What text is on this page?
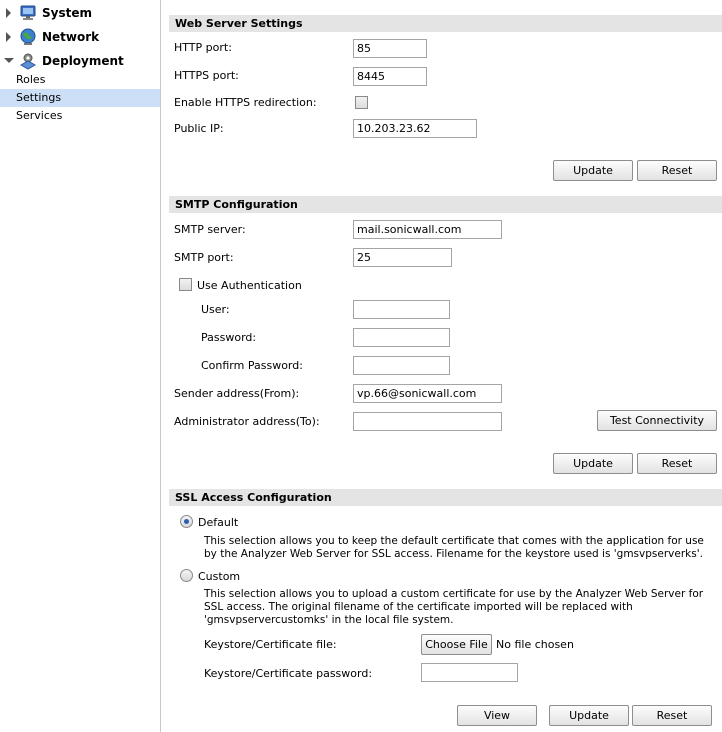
System
Network
Deployment
Roles
Settings
Services
Web Server Settings
HTTP port:
85
HTTPS port:
8445
Enable HTTPS redirection:
Public IP:
10.203.23.62
Update	Reset
SMTP Configuration
SMTP server:
mail.sonicwall.com
SMTP port:
25
Use Authentication
User:
Password:
Confirm Password:
Sender address(From):
vp.66@sonicwall.com
Administrator address(To):	Test Connectivity
Update	Reset
SSL Access Configuration
Default
This selection allows you to keep the default certificate that comes with the application for use by the Analyzer Web Server for SSL access. Filename for the keystore used is 'gmsvpserverks'.
Custom
This selection allows you to upload a custom certificate for use by the Analyzer Web Server for SSL access. The original filename of the certificate imported will be replaced with 'gmsvpservercustomks' in the local file system.
Keystore/Certificate file:	Choose File No file chosen
Keystore/Certificate password:
View	Update	Reset
